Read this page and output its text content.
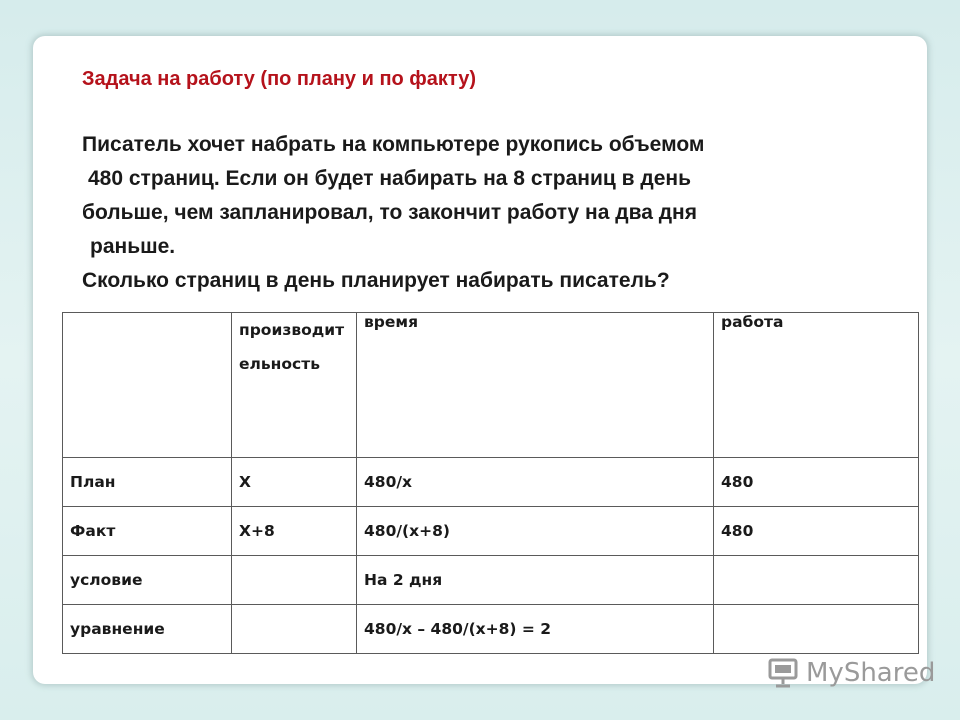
Задача на работу (по плану и по факту)
Писатель хочет набрать на компьютере рукопись объемом
480 страниц. Если он будет набирать на 8 страниц в день
больше, чем запланировал, то закончит работу на два дня
раньше.
Сколько страниц в день планирует набирать писатель?

	производительность	время	работа
План	Х	480/х	480
Факт	Х+8	480/(х+8)	480
условие		На 2 дня	
уравнение		480/х – 480/(х+8) = 2	
MyShared
